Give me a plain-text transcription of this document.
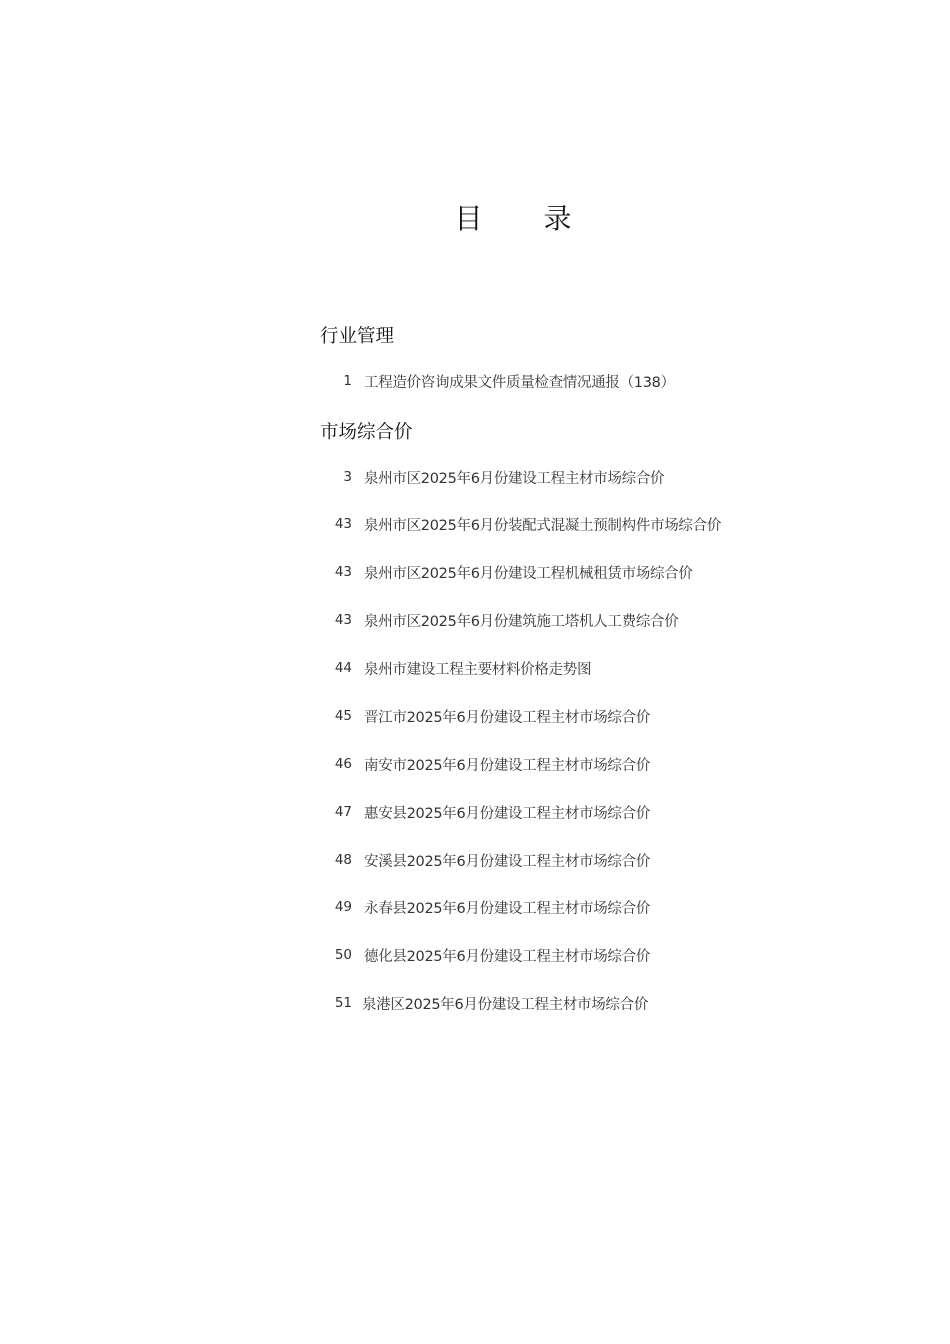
目 录
行业管理
1 工程造价咨询成果文件质量检查情况通报（138）
市场综合价
3 泉州市区2025年6月份建设工程主材市场综合价
43 泉州市区2025年6月份装配式混凝土预制构件市场综合价
43 泉州市区2025年6月份建设工程机械租赁市场综合价
43 泉州市区2025年6月份建筑施工塔机人工费综合价
44 泉州市建设工程主要材料价格走势图
45 晋江市2025年6月份建设工程主材市场综合价
46 南安市2025年6月份建设工程主材市场综合价
47 惠安县2025年6月份建设工程主材市场综合价
48 安溪县2025年6月份建设工程主材市场综合价
49 永春县2025年6月份建设工程主材市场综合价
50 德化县2025年6月份建设工程主材市场综合价
51 泉港区2025年6月份建设工程主材市场综合价
